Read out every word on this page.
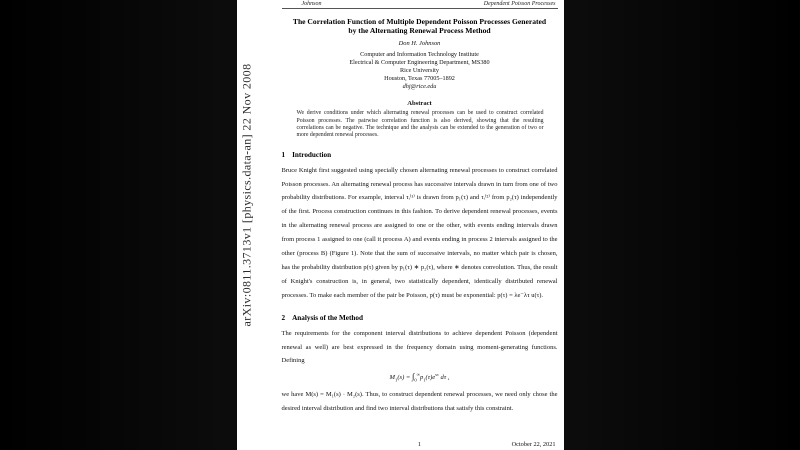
arXiv:0811.3713v1 [physics.data-an] 22 Nov 2008
Johnson	Dependent Poisson Processes
The Correlation Function of Multiple Dependent Poisson Processes Generated by the Alternating Renewal Process Method
Don H. Johnson
Computer and Information Technology Institute
Electrical & Computer Engineering Department, MS380
Rice University
Houston, Texas 77005–1892
dhj@rice.edu
Abstract

We derive conditions under which alternating renewal processes can be used to construct correlated Poisson processes. The pairwise correlation function is also derived, showing that the resulting correlations can be negative. The technique and the analysis can be extended to the generation of two or more dependent renewal processes.

1 Introduction

Bruce Knight first suggested using specially chosen alternating renewal processes to construct correlated Poisson processes. An alternating renewal process has successive intervals drawn in turn from one of two probability distributions. For example, interval τᵢ⁽¹⁾ is drawn from p₁(τ) and τᵢ⁽²⁾ from p₂(τ) independently of the first. Process construction continues in this fashion. To derive dependent renewal processes, events in the alternating renewal process are assigned to one or the other, with events ending intervals drawn from process 1 assigned to one (call it process A) and events ending in process 2 intervals assigned to the other (process B) (Figure 1). Note that the sum of successive intervals, no matter which pair is chosen, has the probability distribution p(τ) given by p₁(τ) ∗ p₂(τ), where ∗ denotes convolution. Thus, the result of Knight's construction is, in general, two statistically dependent, identically distributed renewal processes. To make each member of the pair be Poisson, p(τ) must be exponential: p(τ) = λe⁻λτ u(τ).

2 Analysis of the Method

The requirements for the component interval distributions to achieve dependent Poisson (dependent renewal as well) are best expressed in the frequency domain using moment-generating functions. Defining

$M_1(s) = \int_0^\infty p_1(\tau)e^{s\tau}$ dτ ,

we have M(s) = M₁(s) · M₂(s). Thus, to construct dependent renewal processes, we need only chose the desired interval distribution and find two interval distributions that satisfy this constraint.

1	October 22, 2021
